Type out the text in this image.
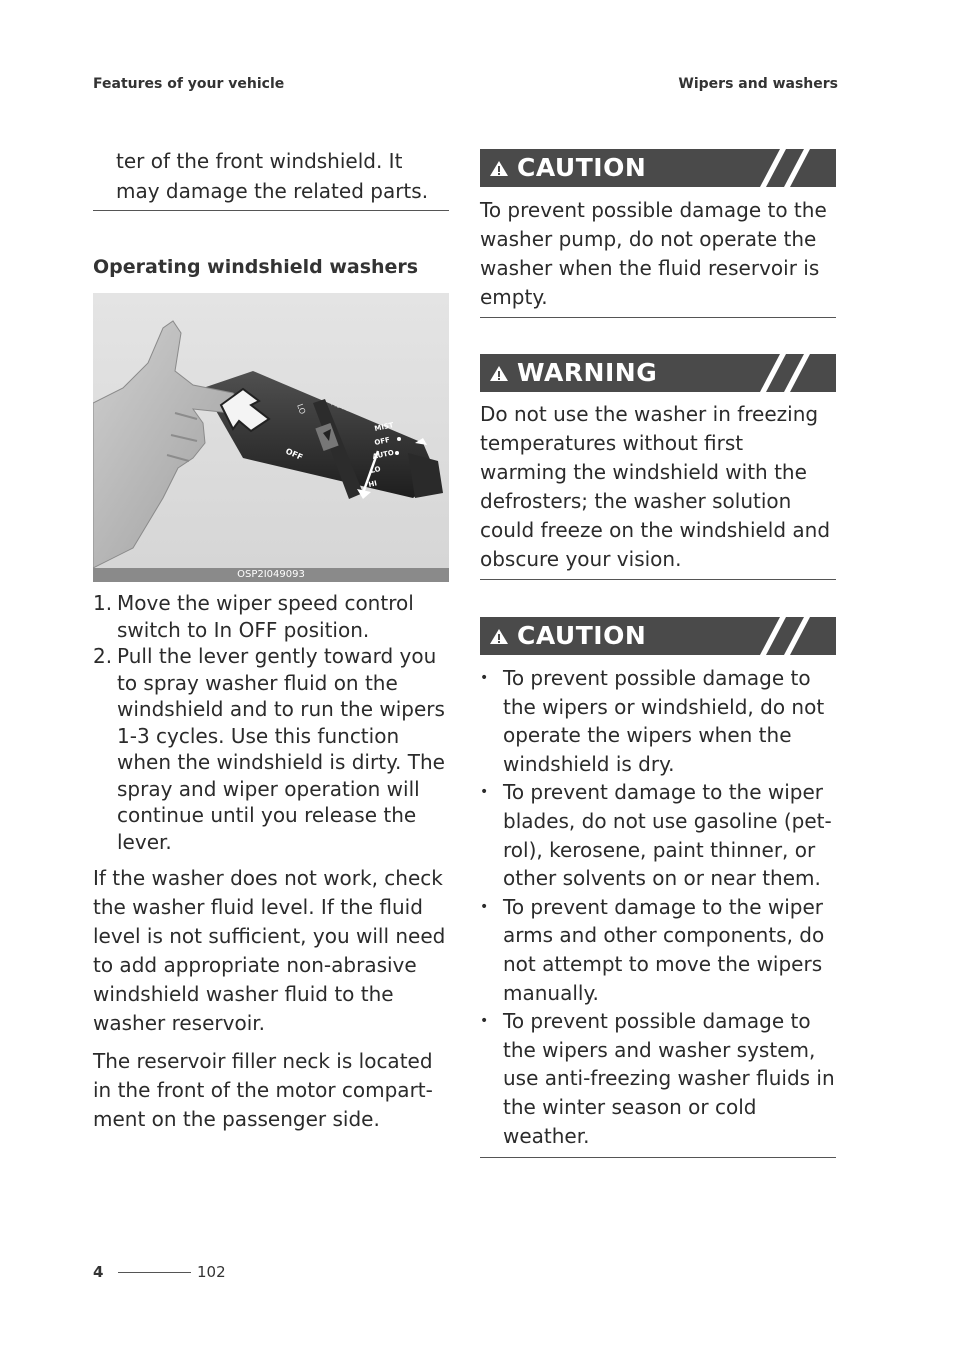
Features of your vehicle	Wipers and washers
ter of the front windshield. It may damage the related parts.
Operating windshield washers
MIST
OFF
AUTO
LO
HI
OFF
AUTO
LO
OSP2I049093
1. Move the wiper speed control switch to In OFF position.
2. Pull the lever gently toward you to spray washer fluid on the windshield and to run the wipers 1-3 cycles. Use this function when the windshield is dirty. The spray and wiper operation will continue until you release the lever.

If the washer does not work, check the washer fluid level. If the fluid level is not sufficient, you will need to add appropriate non-abrasive windshield washer fluid to the washer reservoir.

The reservoir filler neck is located in the front of the motor compart- ment on the passenger side.

CAUTION

To prevent possible damage to the washer pump, do not operate the washer when the fluid reservoir is empty.

WARNING

Do not use the washer in freezing temperatures without first warming the windshield with the defrosters; the washer solution could freeze on the windshield and obscure your vision.

CAUTION
• To prevent possible damage to the wipers or windshield, do not operate the wipers when the windshield is dry.
• To prevent damage to the wiper blades, do not use gasoline (pet- rol), kerosene, paint thinner, or other solvents on or near them.
• To prevent damage to the wiper arms and other components, do not attempt to move the wipers manually.
• To prevent possible damage to the wipers and washer system, use anti-freezing washer fluids in the winter season or cold weather.
4	102
